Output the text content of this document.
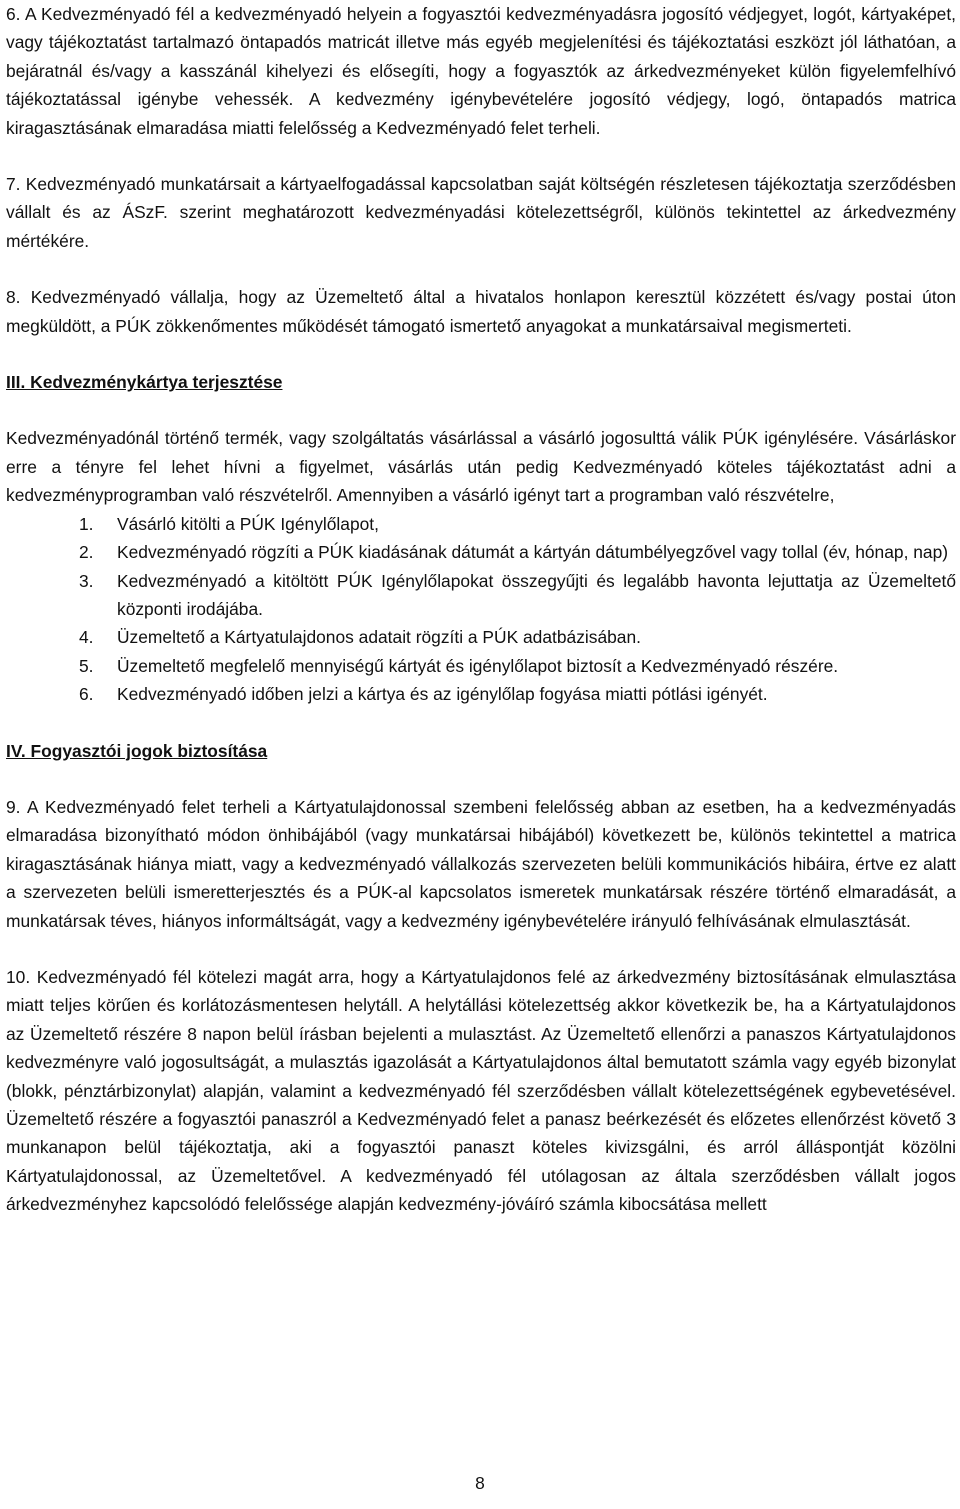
6. A Kedvezményadó fél a kedvezményadó helyein a fogyasztói kedvezményadásra jogosító védjegyet, logót, kártyaképet, vagy tájékoztatást tartalmazó öntapadós matricát illetve más egyéb megjelenítési és tájékoztatási eszközt jól láthatóan, a bejáratnál és/vagy a kasszánál kihelyezi és elősegíti, hogy a fogyasztók az árkedvezményeket külön figyelemfelhívó tájékoztatással igénybe vehessék. A kedvezmény igénybevételére jogosító védjegy, logó, öntapadós matrica kiragasztásának elmaradása miatti felelősség a Kedvezményadó felet terheli.

7. Kedvezményadó munkatársait a kártyaelfogadással kapcsolatban saját költségén részletesen tájékoztatja szerződésben vállalt és az ÁSzF. szerint meghatározott kedvezményadási kötelezettségről, különös tekintettel az árkedvezmény mértékére.

8. Kedvezményadó vállalja, hogy az Üzemeltető által a hivatalos honlapon keresztül közzétett és/vagy postai úton megküldött, a PÚK zökkenőmentes működését támogató ismertető anyagokat a munkatársaival megismerteti.

III. Kedvezménykártya terjesztése

Kedvezményadónál történő termék, vagy szolgáltatás vásárlással a vásárló jogosulttá válik PÚK igénylésére. Vásárláskor erre a tényre fel lehet hívni a figyelmet, vásárlás után pedig Kedvezményadó köteles tájékoztatást adni a kedvezményprogramban való részvételről. Amennyiben a vásárló igényt tart a programban való részvételre,

1. Vásárló kitölti a PÚK Igénylőlapot,
2. Kedvezményadó rögzíti a PÚK kiadásának dátumát a kártyán dátumbélyegzővel vagy tollal (év, hónap, nap)
3. Kedvezményadó a kitöltött PÚK Igénylőlapokat összegyűjti és legalább havonta lejuttatja az Üzemeltető központi irodájába.
4. Üzemeltető a Kártyatulajdonos adatait rögzíti a PÚK adatbázisában.
5. Üzemeltető megfelelő mennyiségű kártyát és igénylőlapot biztosít a Kedvezményadó részére.
6. Kedvezményadó időben jelzi a kártya és az igénylőlap fogyása miatti pótlási igényét.

IV. Fogyasztói jogok biztosítása

9. A Kedvezményadó felet terheli a Kártyatulajdonossal szembeni felelősség abban az esetben, ha a kedvezményadás elmaradása bizonyítható módon önhibájából (vagy munkatársai hibájából) következett be, különös tekintettel a matrica kiragasztásának hiánya miatt, vagy a kedvezményadó vállalkozás szervezeten belüli kommunikációs hibáira, értve ez alatt a szervezeten belüli ismeretterjesztés és a PÚK-al kapcsolatos ismeretek munkatársak részére történő elmaradását, a munkatársak téves, hiányos informáltságát, vagy a kedvezmény igénybevételére irányuló felhívásának elmulasztását.

10. Kedvezményadó fél kötelezi magát arra, hogy a Kártyatulajdonos felé az árkedvezmény biztosításának elmulasztása miatt teljes körűen és korlátozásmentesen helytáll. A helytállási kötelezettség akkor következik be, ha a Kártyatulajdonos az Üzemeltető részére 8 napon belül írásban bejelenti a mulasztást. Az Üzemeltető ellenőrzi a panaszos Kártyatulajdonos kedvezményre való jogosultságát, a mulasztás igazolását a Kártyatulajdonos által bemutatott számla vagy egyéb bizonylat (blokk, pénztárbizonylat) alapján, valamint a kedvezményadó fél szerződésben vállalt kötelezettségének egybevetésével. Üzemeltető részére a fogyasztói panaszról a Kedvezményadó felet a panasz beérkezését és előzetes ellenőrzést követő 3 munkanapon belül tájékoztatja, aki a fogyasztói panaszt köteles kivizsgálni, és arról álláspontját közölni Kártyatulajdonossal, az Üzemeltetővel. A kedvezményadó fél utólagosan az általa szerződésben vállalt jogos árkedvezményhez kapcsolódó felelőssége alapján kedvezmény-jóváíró számla kibocsátása mellett

8
